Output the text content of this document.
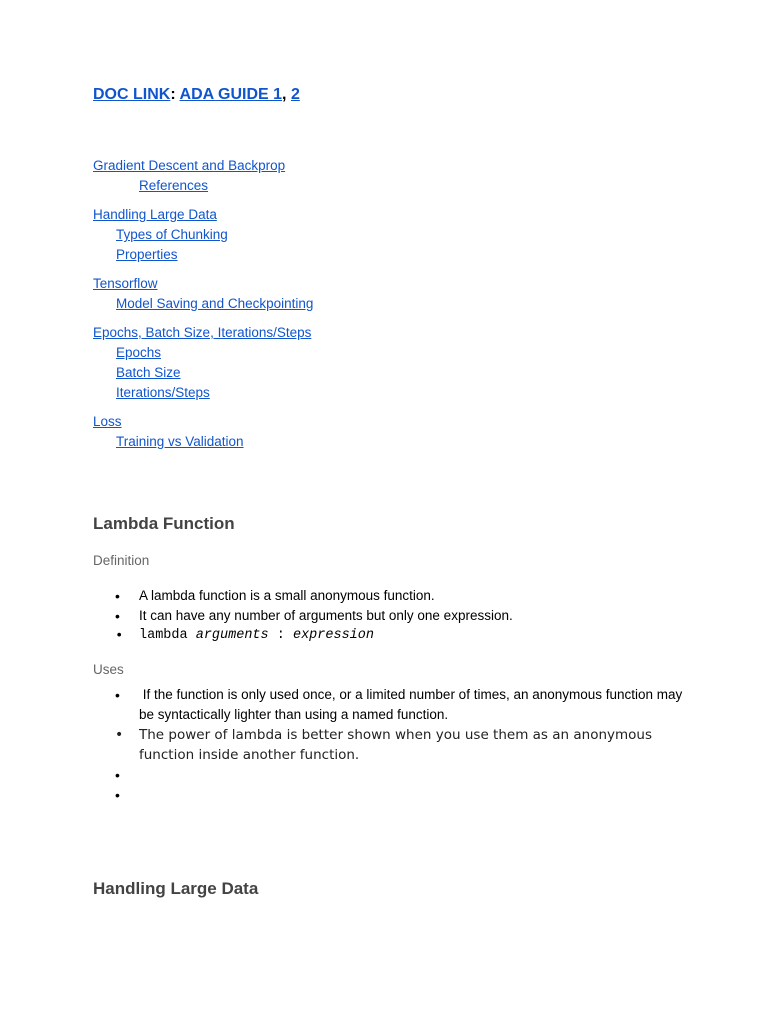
DOC LINK: ADA GUIDE 1, 2
Gradient Descent and Backprop
References
Handling Large Data
Types of Chunking
Properties
Tensorflow
Model Saving and Checkpointing
Epochs, Batch Size, Iterations/Steps
Epochs
Batch Size
Iterations/Steps
Loss
Training vs Validation
Lambda Function
Definition
• A lambda function is a small anonymous function.
• It can have any number of arguments but only one expression.
• lambda arguments : expression
Uses
•  If the function is only used once, or a limited number of times, an anonymous function may be syntactically lighter than using a named function.
• The power of lambda is better shown when you use them as an anonymous function inside another function.
•
•
Handling Large Data
